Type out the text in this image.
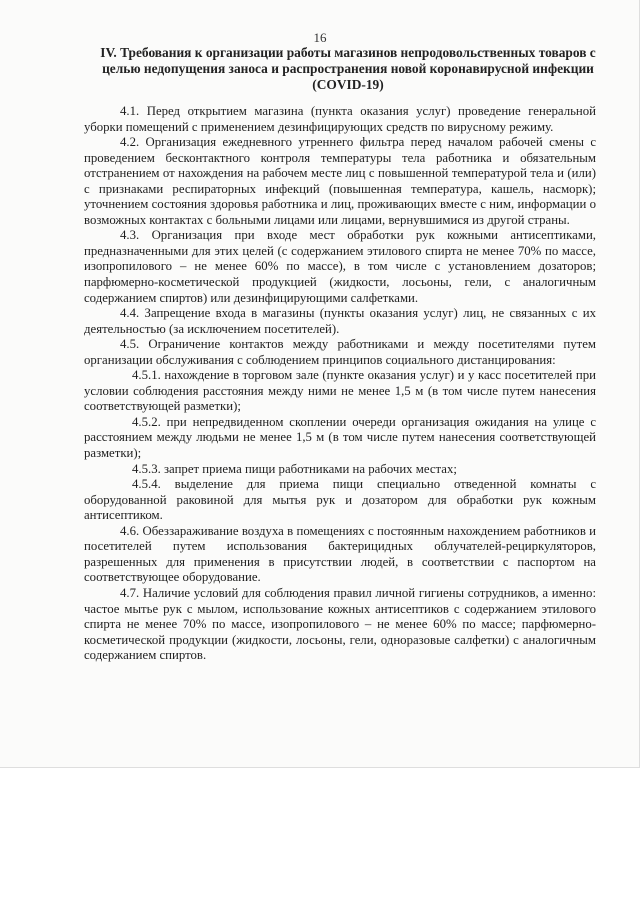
16
IV. Требования к организации работы магазинов непродовольственных товаров с целью недопущения заноса и распространения новой коронавирусной инфекции (COVID-19)

4.1. Перед открытием магазина (пункта оказания услуг) проведение генеральной уборки помещений с применением дезинфицирующих средств по вирусному режиму.

4.2. Организация ежедневного утреннего фильтра перед началом рабочей смены с проведением бесконтактного контроля температуры тела работника и обязательным отстранением от нахождения на рабочем месте лиц с повышенной температурой тела и (или) с признаками респираторных инфекций (повышенная температура, кашель, насморк); уточнением состояния здоровья работника и лиц, проживающих вместе с ним, информации о возможных контактах с больными лицами или лицами, вернувшимися из другой страны.

4.3. Организация при входе мест обработки рук кожными антисептиками, предназначенными для этих целей (с содержанием этилового спирта не менее 70% по массе, изопропилового – не менее 60% по массе), в том числе с установлением дозаторов; парфюмерно-косметической продукцией (жидкости, лосьоны, гели, с аналогичным содержанием спиртов) или дезинфицирующими салфетками.

4.4. Запрещение входа в магазины (пункты оказания услуг) лиц, не связанных с их деятельностью (за исключением посетителей).

4.5. Ограничение контактов между работниками и между посетителями путем организации обслуживания с соблюдением принципов социального дистанцирования:

4.5.1. нахождение в торговом зале (пункте оказания услуг) и у касс посетителей при условии соблюдения расстояния между ними не менее 1,5 м (в том числе путем нанесения соответствующей разметки);

4.5.2. при непредвиденном скоплении очереди организация ожидания на улице с расстоянием между людьми не менее 1,5 м (в том числе путем нанесения соответствующей разметки);

4.5.3. запрет приема пищи работниками на рабочих местах;

4.5.4. выделение для приема пищи специально отведенной комнаты с оборудованной раковиной для мытья рук и дозатором для обработки рук кожным антисептиком.

4.6. Обеззараживание воздуха в помещениях с постоянным нахождением работников и посетителей путем использования бактерицидных облучателей-рециркуляторов, разрешенных для применения в присутствии людей, в соответствии с паспортом на соответствующее оборудование.

4.7. Наличие условий для соблюдения правил личной гигиены сотрудников, а именно: частое мытье рук с мылом, использование кожных антисептиков с содержанием этилового спирта не менее 70% по массе, изопропилового – не менее 60% по массе; парфюмерно-косметической продукции (жидкости, лосьоны, гели, одноразовые салфетки) с аналогичным содержанием спиртов.
